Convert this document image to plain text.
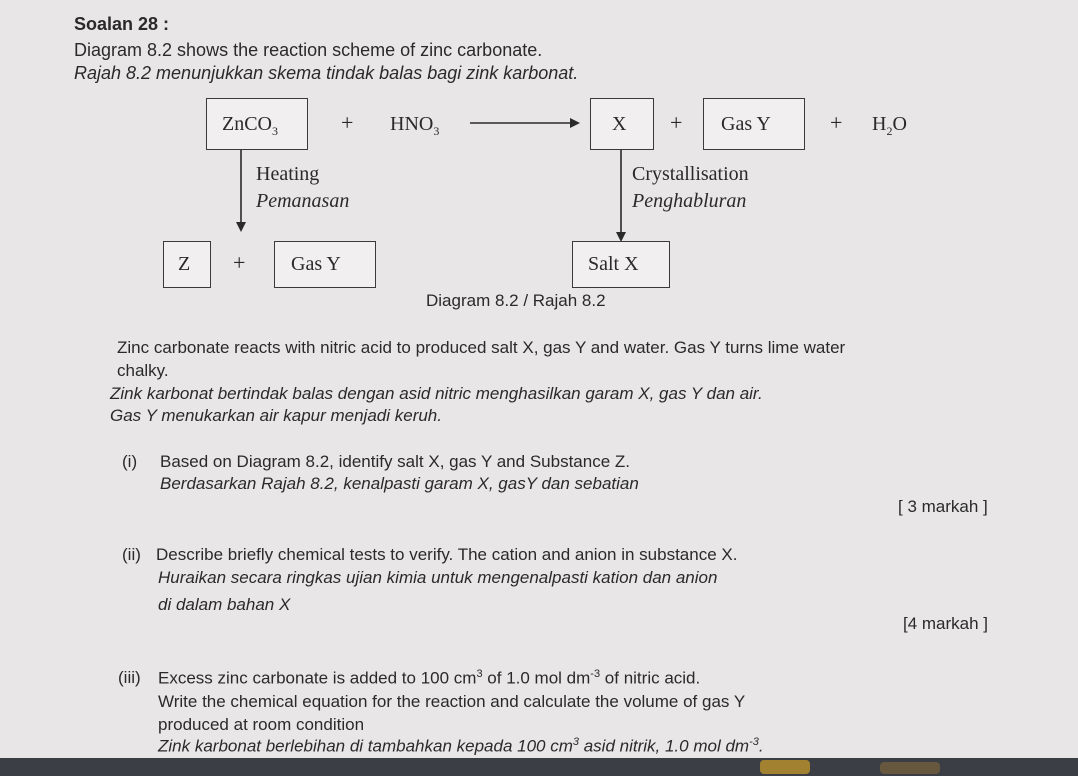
Soalan 28 :
Diagram 8.2 shows the reaction scheme of zinc carbonate.
Rajah 8.2 menunjukkan skema tindak balas bagi zink karbonat.
ZnCO$_3$	+ $HNO_3$	X + Gas Y	+ $H_2O$
Heating
Pemanasan
Crystallisation
Penghabluran
Z + Gas Y	Salt X
Diagram 8.2 / Rajah 8.2
Zinc carbonate reacts with nitric acid to produced salt X, gas Y and water. Gas Y turns lime water
chalky.
Zink karbonat bertindak balas dengan asid nitric menghasilkan garam X, gas Y dan air.
Gas Y menukarkan air kapur menjadi keruh.
(i) Based on Diagram 8.2, identify salt X, gas Y and Substance Z.
Berdasarkan Rajah 8.2, kenalpasti garam X, gasY dan sebatian
[ 3 markah ]
(ii) Describe briefly chemical tests to verify. The cation and anion in substance X.
Huraikan secara ringkas ujian kimia untuk mengenalpasti kation dan anion
di dalam bahan X
[4 markah ]
(iii) Excess zinc carbonate is added to 100 $cm^3$ of 1.0 mol $dm^{-3}$ of nitric acid.
Write the chemical equation for the reaction and calculate the volume of gas Y
produced at room condition
Zink karbonat berlebihan di tambahkan kepada 100 $cm^3$ asid nitrik, 1.0 mol $dm^{-3}$.
